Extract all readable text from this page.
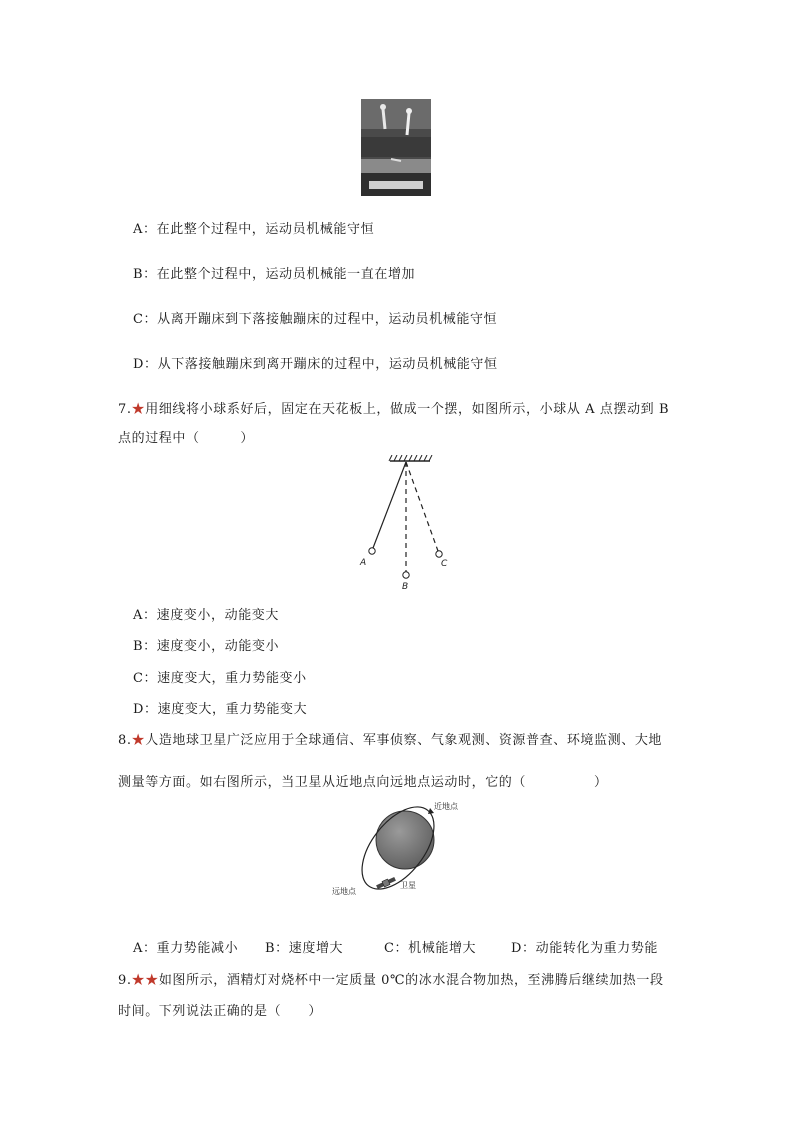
A：在此整个过程中，运动员机械能守恒
B：在此整个过程中，运动员机械能一直在增加
C：从离开蹦床到下落接触蹦床的过程中，运动员机械能守恒
D：从下落接触蹦床到离开蹦床的过程中，运动员机械能守恒
7.★用细线将小球系好后，固定在天花板上，做成一个摆，如图所示，小球从 A 点摆动到 B
点的过程中（　　　）
A
B
C
A：速度变小，动能变大
B：速度变小，动能变小
C：速度变大，重力势能变小
D：速度变大，重力势能变大
8.★人造地球卫星广泛应用于全球通信、军事侦察、气象观测、资源普查、环境监测、大地
测量等方面。如右图所示，当卫星从近地点向远地点运动时，它的（　　　　　）
近地点
远地点
卫星
A：重力势能减小 B：速度增大	C：机械能增大	D：动能转化为重力势能
9.★★如图所示，酒精灯对烧杯中一定质量 0℃的冰水混合物加热，至沸腾后继续加热一段
时间。下列说法正确的是（　　）
